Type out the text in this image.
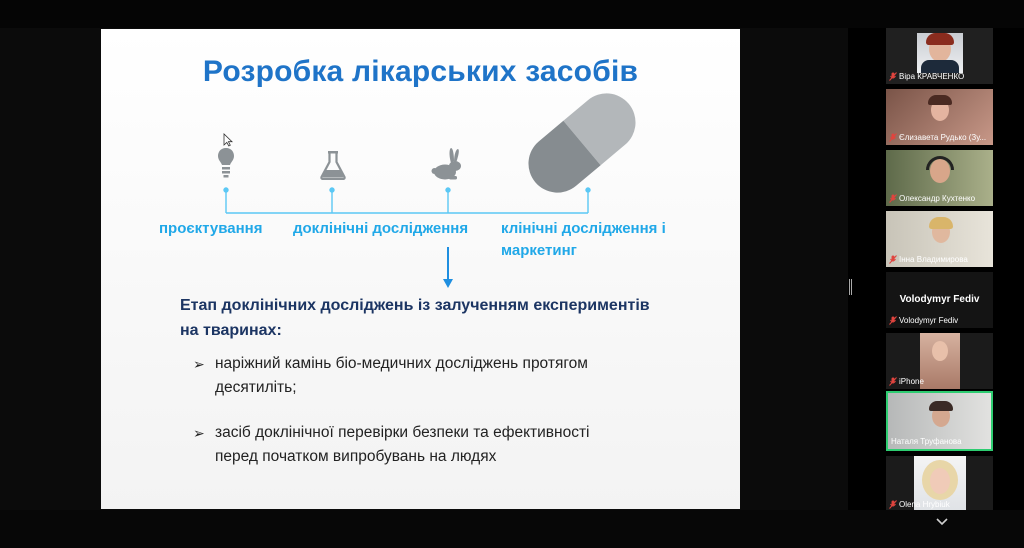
Розробка лікарських засобів
проєктування доклінічні дослідження клінічні дослідження і
маркетинг
Етап доклінічних досліджень із залученням експериментів
на тваринах:
➢ наріжний камінь біо-медичних досліджень протягом
десятиліть;
➢ засіб доклінічної перевірки безпеки та ефективності
перед початком випробувань на людях
Віра КРАВЧЕНКО
Єлизавета Рудько (Зу...
Олександр Кухтенко
Інна Владимирова
Volodymyr Fediv
Volodymyr Fediv
iPhone
Наталя Труфанова
Olena Hrybiuk
